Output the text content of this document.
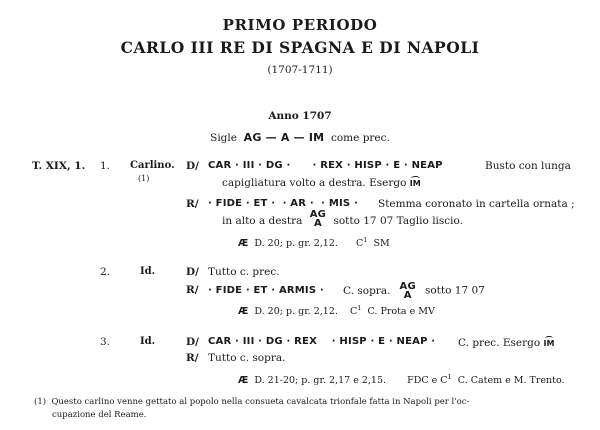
PRIMO PERIODO
CARLO III RE DI SPAGNA E DI NAPOLI
(1707-1711)
Anno 1707
Sigle AG — A — IM come prec.
T. XIX, 1. 1. Carlino.
(1)
D/ CAR · III · DG ·      · REX · HISP · E · NEAP	Busto con lunga
capigliatura volto a destra. Esergo IM
R/ · FIDE · ET ·  · AR ·  · MIS · Stemma coronato in cartella ornata ;
in alto a destra
AG
A	sotto 17 07 Taglio liscio.
Æ D. 20; p. gr. 2,12. $C^1$ SM
2.	Id.	D/ Tutto c. prec.
R/ · FIDE · ET · ARMIS · C. sopra. AG
A	sotto 17 07
Æ D. 20; p. gr. 2,12. $C^1$ C. Prota e MV
3.	Id.	D/ CAR · III · DG · REX    · HISP · E · NEAP · C. prec. Esergo IM
R/ Tutto c. sopra.
Æ D. 21-20; p. gr. 2,17 e 2,15. FDC e $C^1$ C. Catem e M. Trento.
(1) Questo carlino venne gettato al popolo nella consueta cavalcata trionfale fatta in Napoli per l'oc-
cupazione del Reame.
